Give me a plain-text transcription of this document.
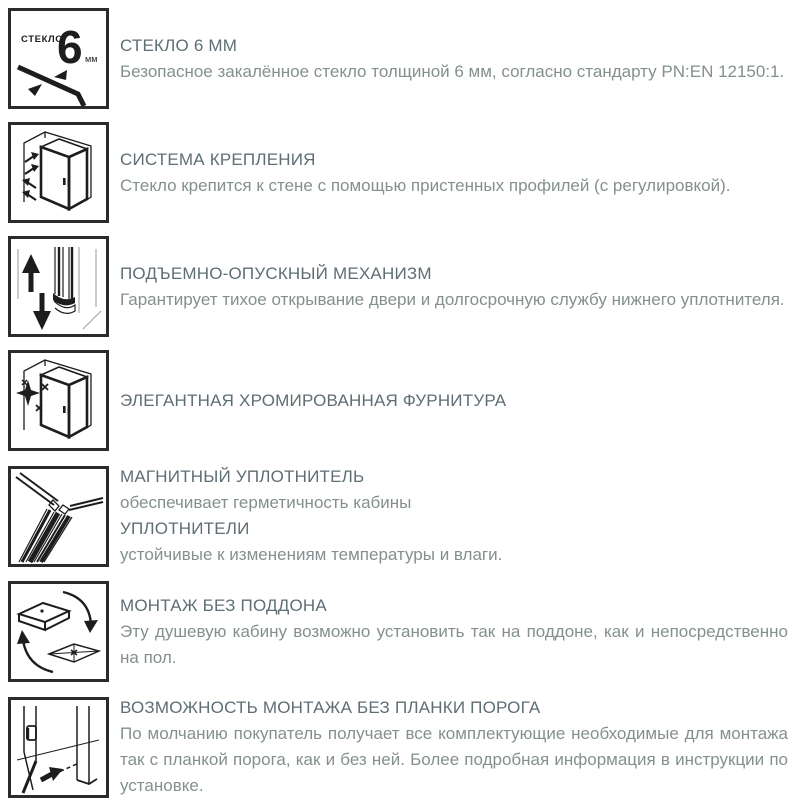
СТЕКЛО
6 мм
СТЕКЛО 6 ММ

Безопасное закалённое стекло толщиной 6 мм, согласно стандарту PN:EN 12150:1.

СИСТЕМА КРЕПЛЕНИЯ

Стекло крепится к стене с помощью пристенных профилей (с регулировкой).

ПОДЪЕМНО-ОПУСКНЫЙ МЕХАНИЗМ

Гарантирует тихое открывание двери и долгосрочную службу нижнего уплотнителя.

ЭЛЕГАНТНАЯ ХРОМИРОВАННАЯ ФУРНИТУРА
МАГНИТНЫЙ УПЛОТНИТЕЛЬ

обеспечивает герметичность кабины

УПЛОТНИТЕЛИ

устойчивые к изменениям температуры и влаги.

МОНТАЖ БЕЗ ПОДДОНА

Эту душевую кабину возможно установить так на поддоне, как и непосредственно на пол.

ВОЗМОЖНОСТЬ МОНТАЖА БЕЗ ПЛАНКИ ПОРОГА

По молчанию покупатель получает все комплектующие необходимые для монтажа так с планкой порога, как и без ней. Более подробная информация в инструкции по установке.
